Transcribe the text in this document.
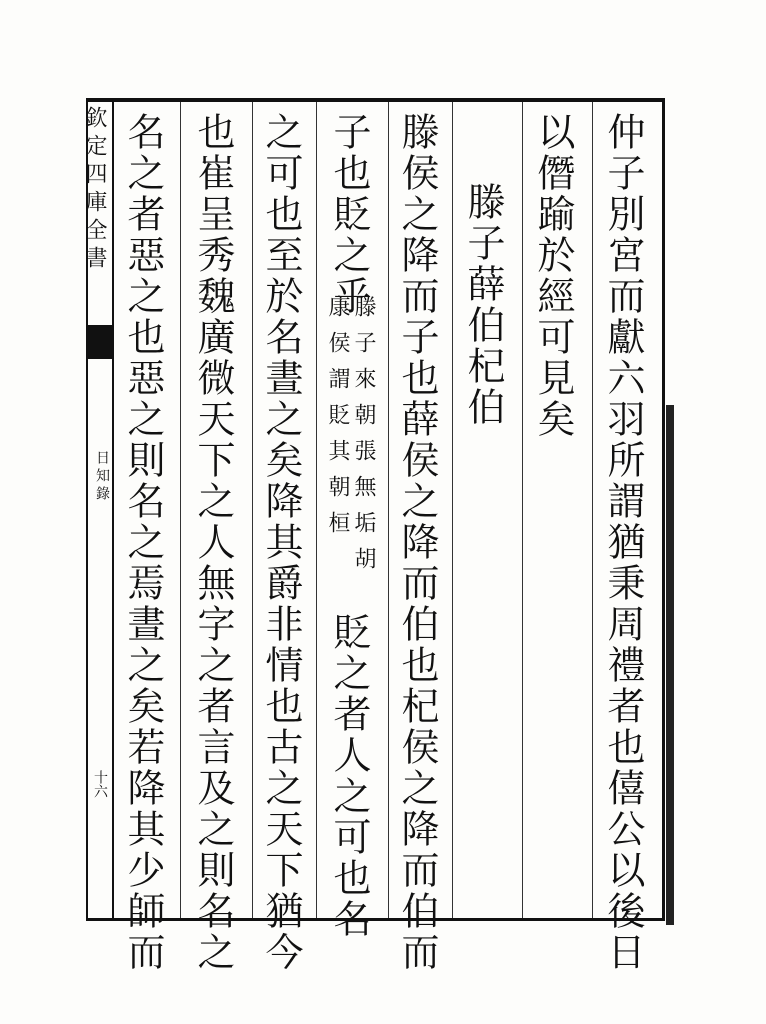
欽定四庫全書
日知錄
十六	仲子別宮而獻六羽所謂猶秉周禮者也僖公以後日
以僭踰於經可見矣
滕子薛伯杞伯
滕侯之降而子也薛侯之降而伯也杞侯之降而伯而
子也貶之乎
滕子來朝張無垢胡
康侯謂貶其朝桓
貶之者人之可也名
之可也至於名晝之矣降其爵非情也古之天下猶今
也崔呈秀魏廣微天下之人無字之者言及之則名之
名之者惡之也惡之則名之焉晝之矣若降其少師而
